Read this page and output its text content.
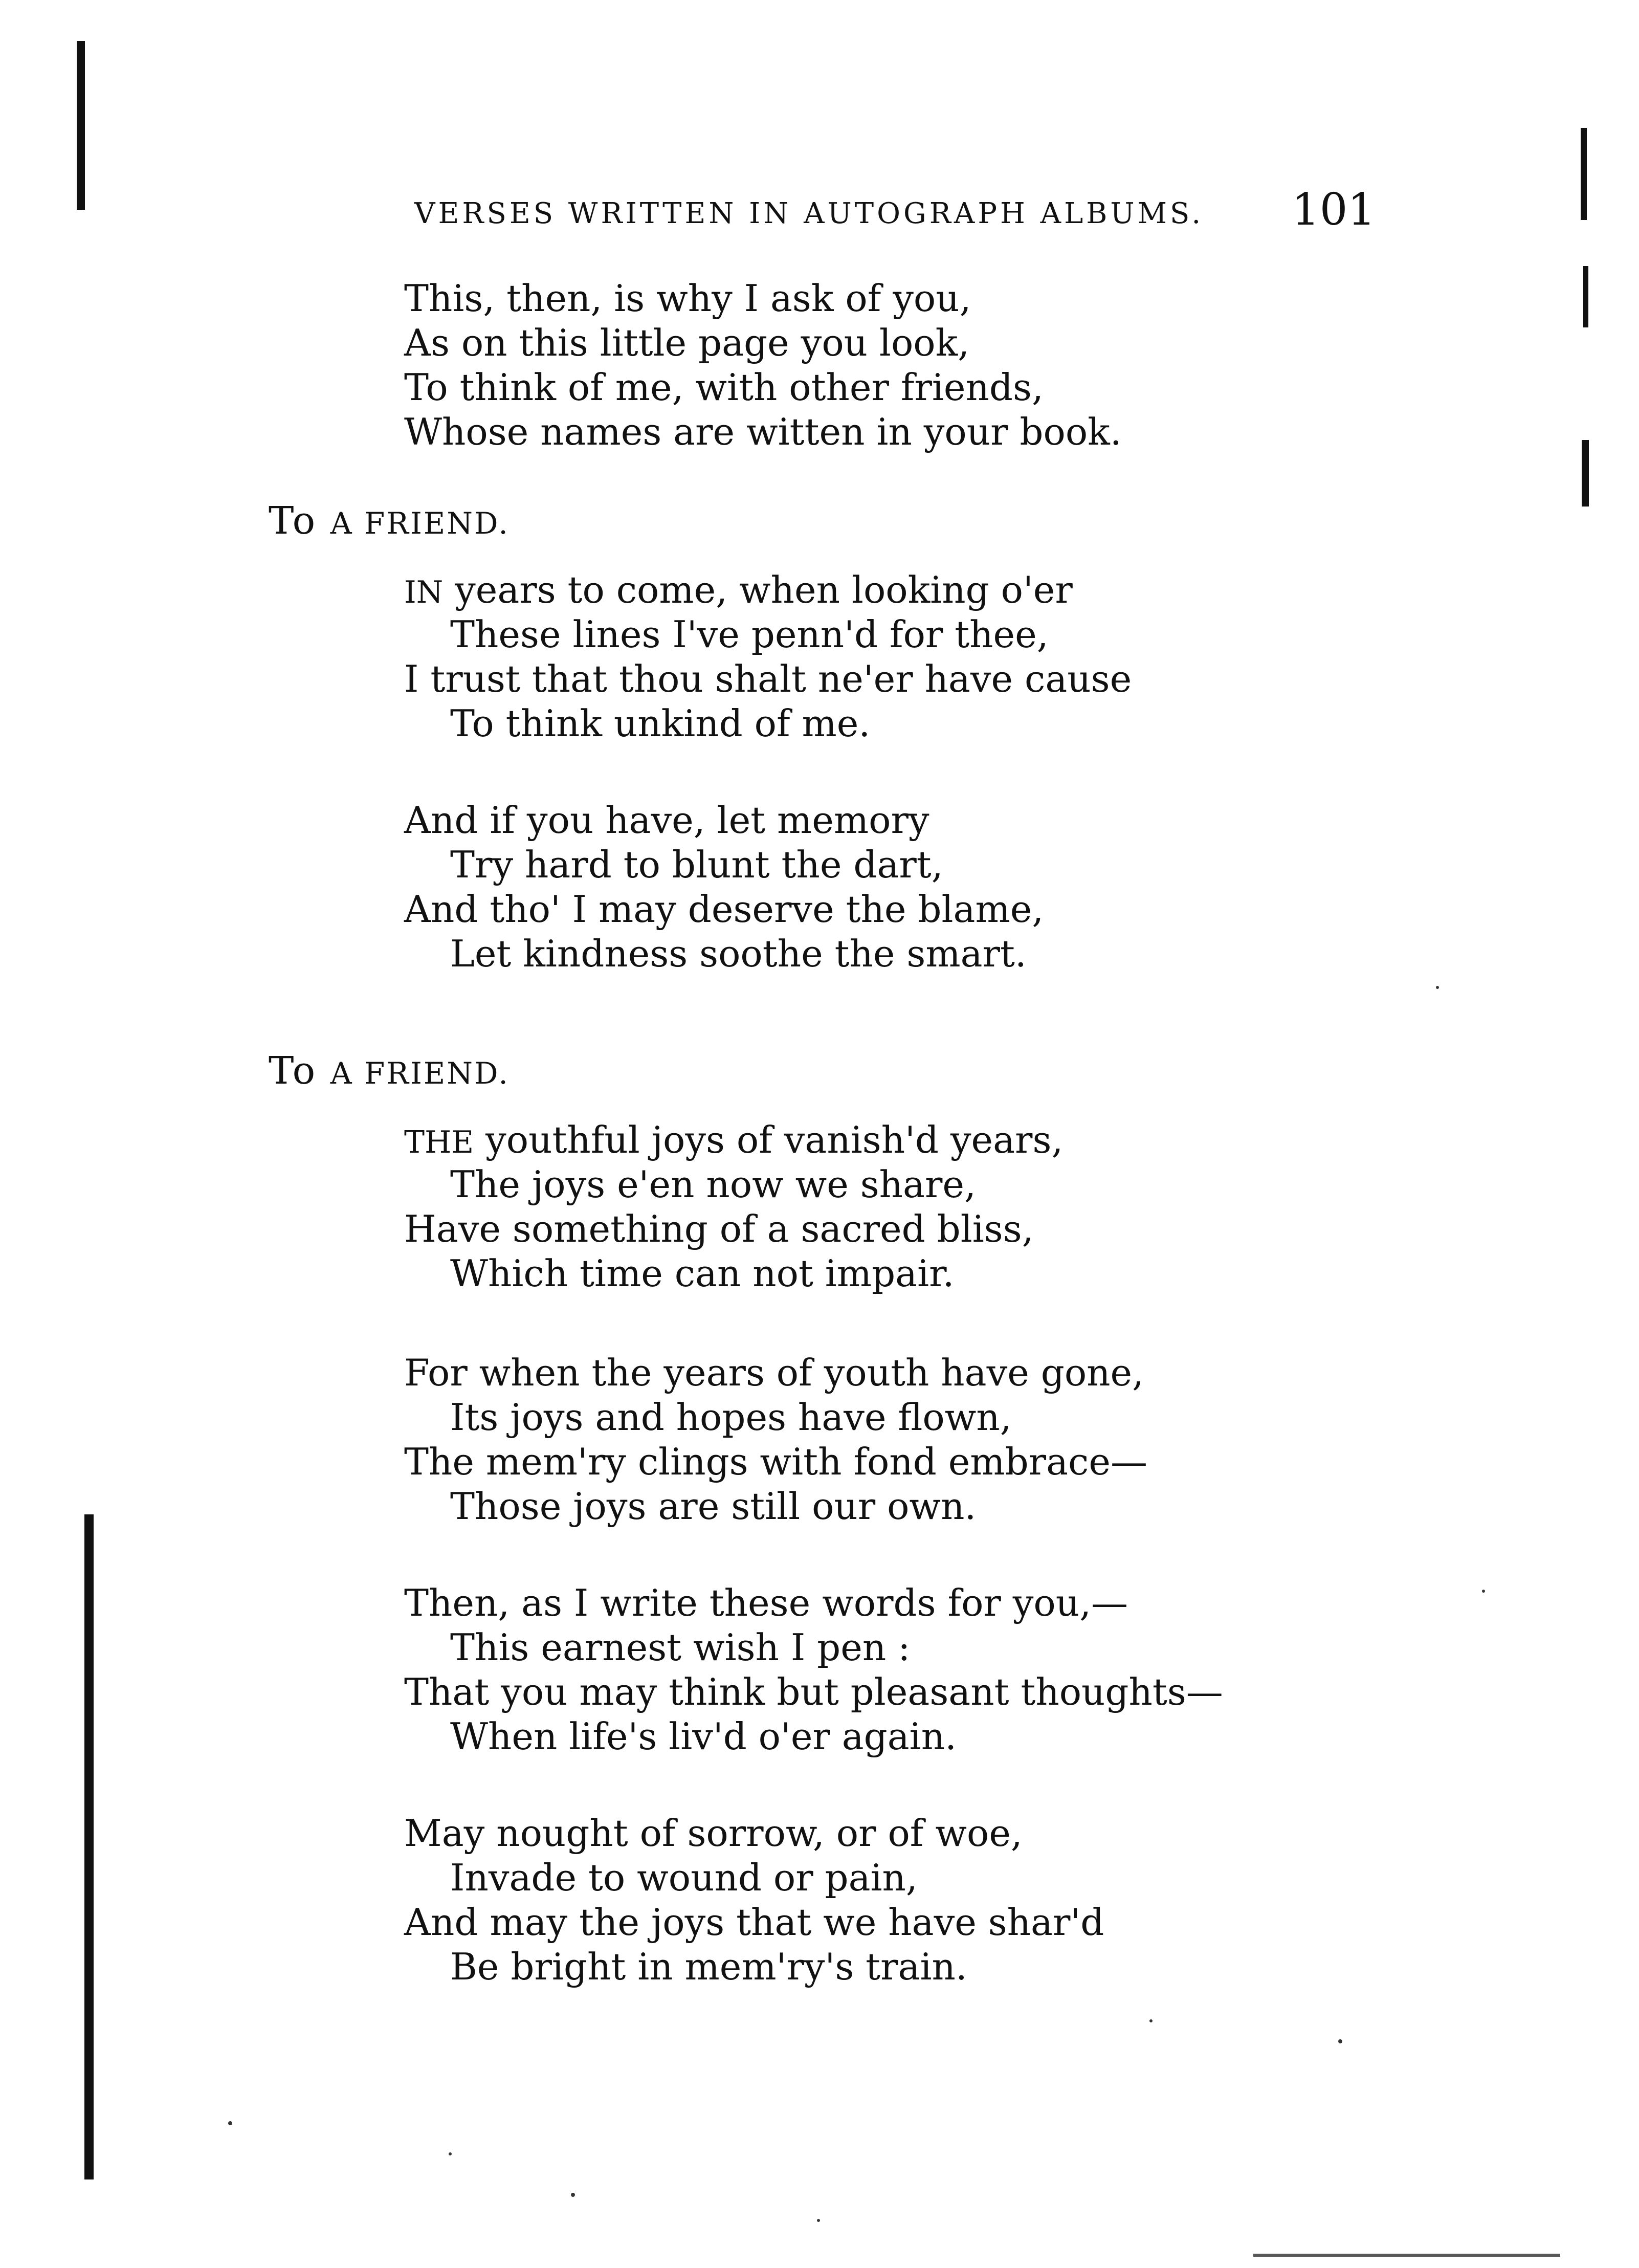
VERSES WRITTEN IN AUTOGRAPH ALBUMS. 101
This, then, is why I ask of you,
As on this little page you look,
To think of me, with other friends,
Whose names are witten in your book.
To A FRIEND.
IN years to come, when looking o'er
These lines I've penn'd for thee,
I trust that thou shalt ne'er have cause
To think unkind of me.
And if you have, let memory
Try hard to blunt the dart,
And tho' I may deserve the blame,
Let kindness soothe the smart.
To A FRIEND.
THE youthful joys of vanish'd years,
The joys e'en now we share,
Have something of a sacred bliss,
Which time can not impair.
For when the years of youth have gone,
Its joys and hopes have flown,
The mem'ry clings with fond embrace—
Those joys are still our own.
Then, as I write these words for you,—
This earnest wish I pen :
That you may think but pleasant thoughts—
When life's liv'd o'er again.
May nought of sorrow, or of woe,
Invade to wound or pain,
And may the joys that we have shar'd
Be bright in mem'ry's train.
